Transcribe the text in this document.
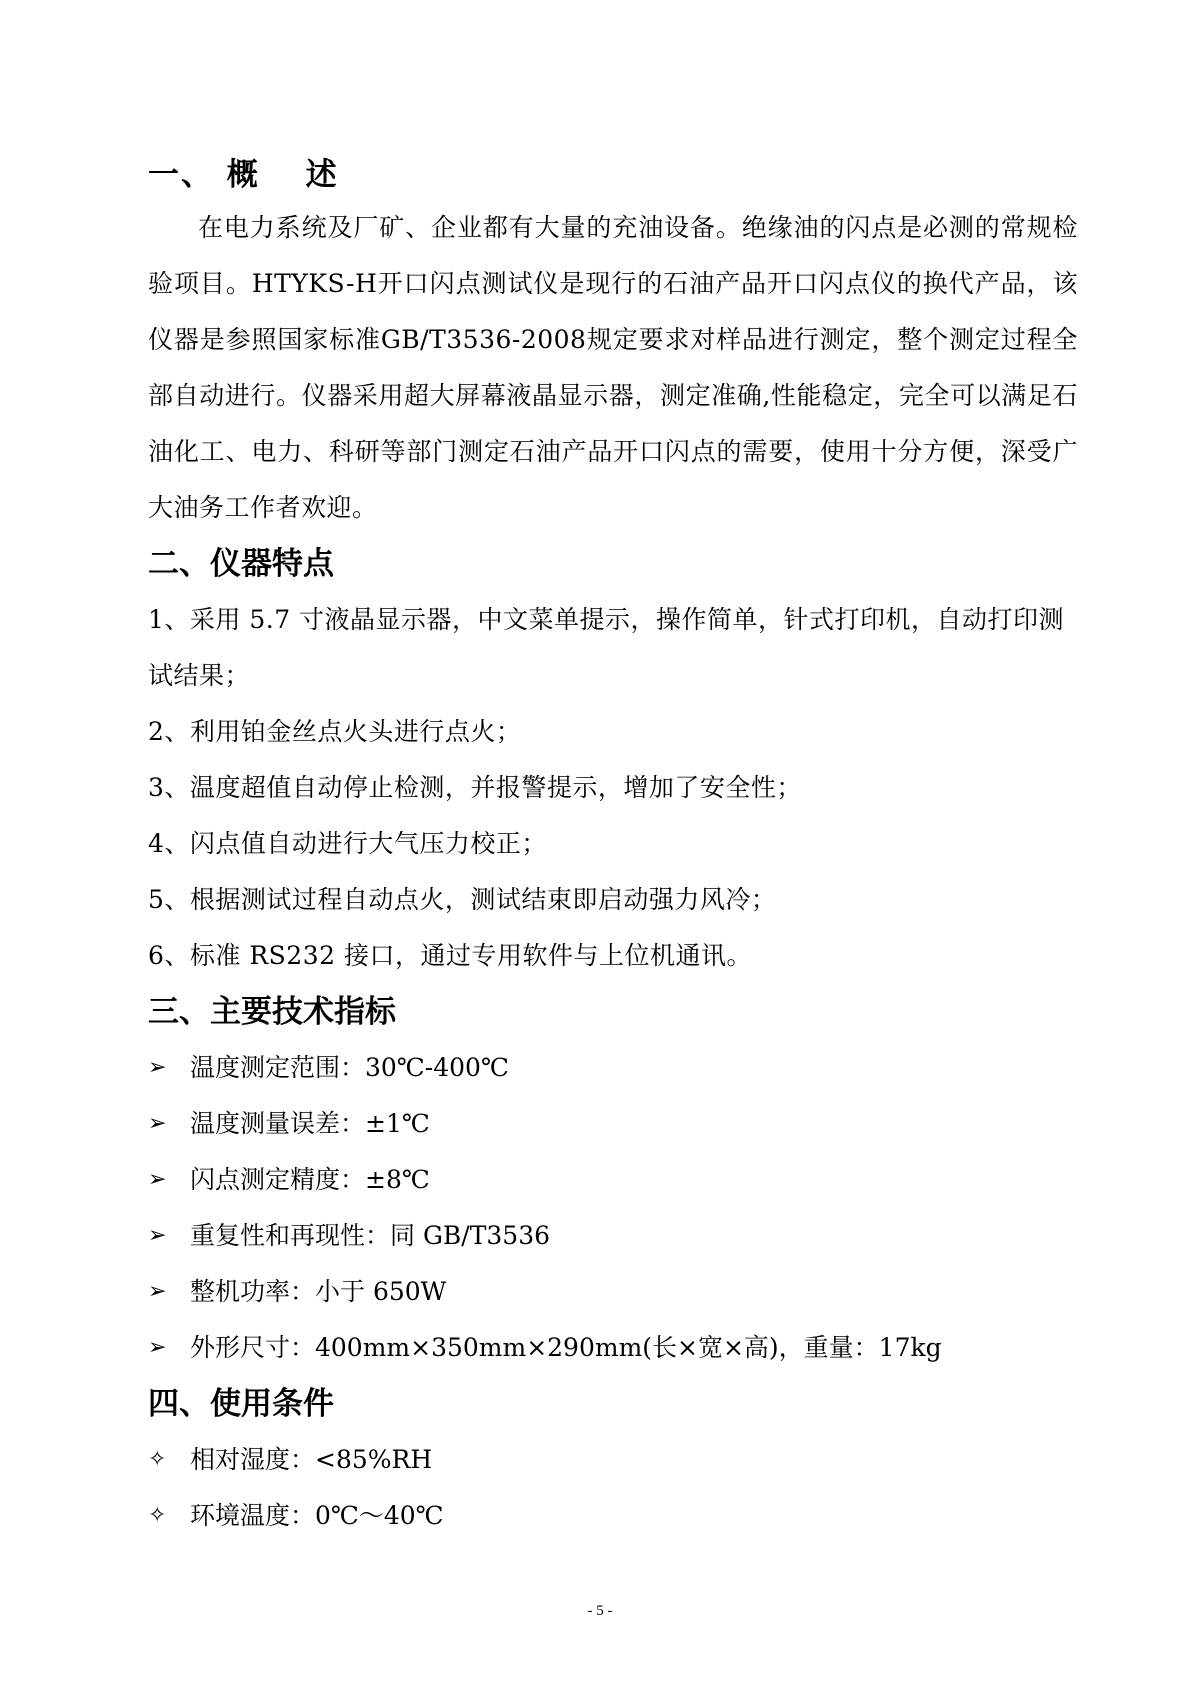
一、 概　 述

在电力系统及厂矿、企业都有大量的充油设备。绝缘油的闪点是必测的常规检验项目。HTYKS-H开口闪点测试仪是现行的石油产品开口闪点仪的换代产品，该仪器是参照国家标准GB/T3536-2008规定要求对样品进行测定，整个测定过程全部自动进行。仪器采用超大屏幕液晶显示器，测定准确,性能稳定，完全可以满足石油化工、电力、科研等部门测定石油产品开口闪点的需要，使用十分方便，深受广大油务工作者欢迎。

二、仪器特点

1、采用 5.7 寸液晶显示器，中文菜单提示，操作简单，针式打印机，自动打印测试结果；

2、利用铂金丝点火头进行点火；

3、温度超值自动停止检测，并报警提示，增加了安全性；

4、闪点值自动进行大气压力校正；

5、根据测试过程自动点火，测试结束即启动强力风冷；

6、标准 RS232 接口，通过专用软件与上位机通讯。

三、主要技术指标
➢ 温度测定范围：30℃-400℃
➢ 温度测量误差：±1℃
➢ 闪点测定精度：±8℃
➢ 重复性和再现性：同 GB/T3536
➢ 整机功率：小于 650W
➢ 外形尺寸：400mm×350mm×290mm(长×宽×高)，重量：17kg
四、使用条件
✧ 相对湿度：<85%RH
✧ 环境温度：0℃～40℃
- 5 -
